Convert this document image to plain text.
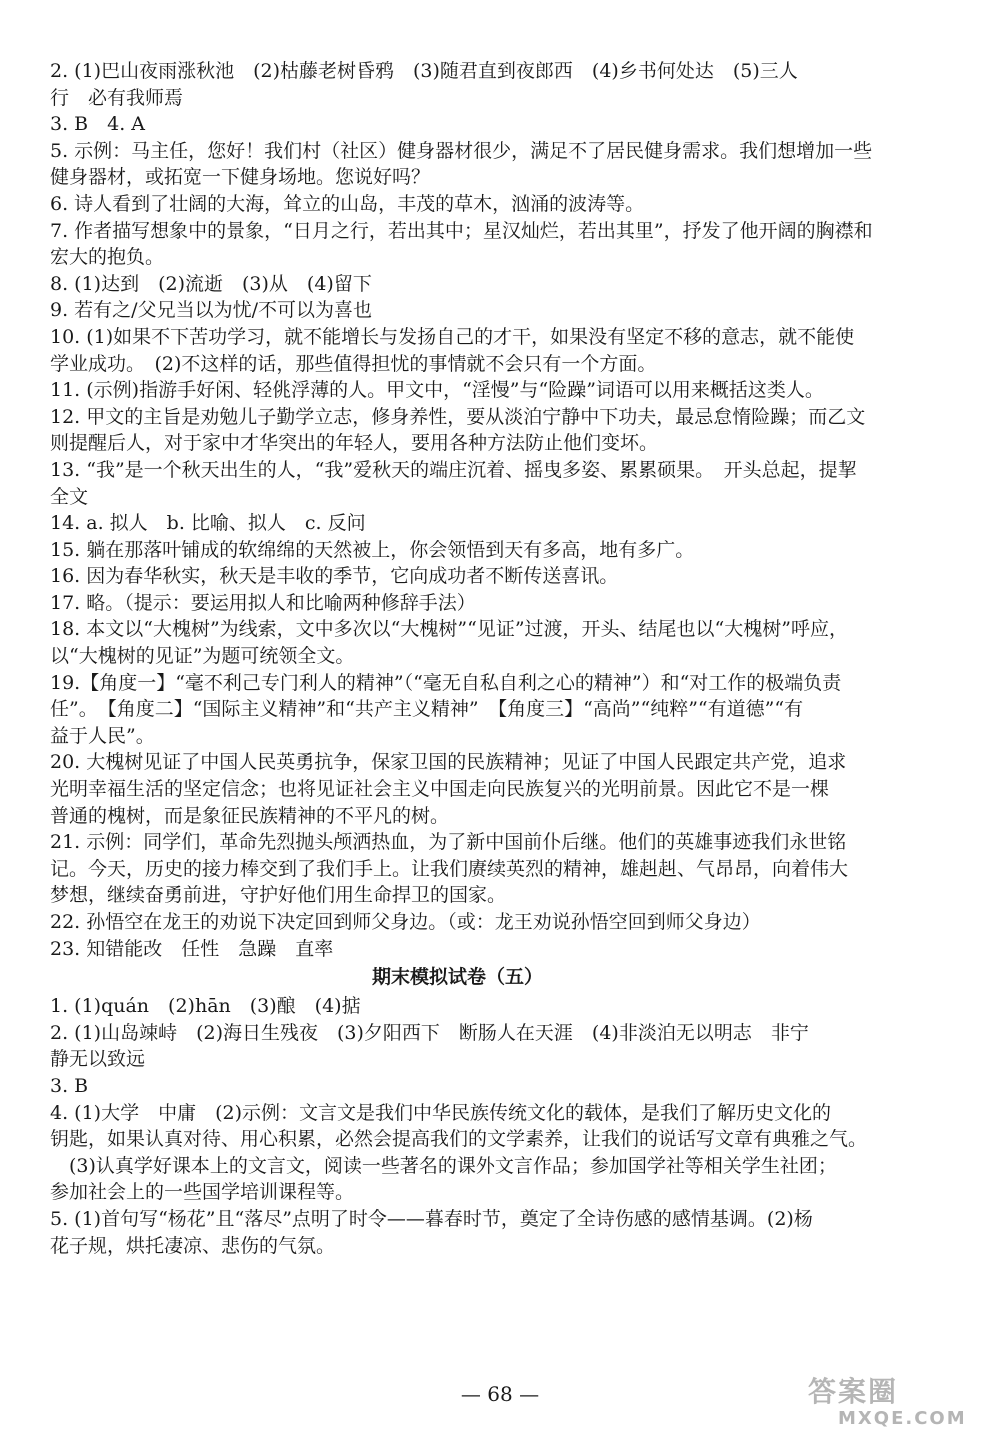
2. (1)巴山夜雨涨秋池　(2)枯藤老树昏鸦　(3)随君直到夜郎西　(4)乡书何处达　(5)三人
行　必有我师焉
3. B　4. A
5. 示例：马主任，您好！我们村（社区）健身器材很少，满足不了居民健身需求。我们想增加一些
健身器材，或拓宽一下健身场地。您说好吗？
6. 诗人看到了壮阔的大海，耸立的山岛，丰茂的草木，汹涌的波涛等。
7. 作者描写想象中的景象，“日月之行，若出其中；星汉灿烂，若出其里”，抒发了他开阔的胸襟和
宏大的抱负。
8. (1)达到　(2)流逝　(3)从　(4)留下
9. 若有之/父兄当以为忧/不可以为喜也
10. (1)如果不下苦功学习，就不能增长与发扬自己的才干，如果没有坚定不移的意志，就不能使
学业成功。　(2)不这样的话，那些值得担忧的事情就不会只有一个方面。
11. (示例)指游手好闲、轻佻浮薄的人。甲文中，“淫慢”与“险躁”词语可以用来概括这类人。
12. 甲文的主旨是劝勉儿子勤学立志，修身养性，要从淡泊宁静中下功夫，最忌怠惰险躁；而乙文
则提醒后人，对于家中才华突出的年轻人，要用各种方法防止他们变坏。
13. “我”是一个秋天出生的人，“我”爱秋天的端庄沉着、摇曳多姿、累累硕果。　开头总起，提挈
全文
14. a. 拟人　b. 比喻、拟人　c. 反问
15. 躺在那落叶铺成的软绵绵的天然被上，你会领悟到天有多高，地有多广。
16. 因为春华秋实，秋天是丰收的季节，它向成功者不断传送喜讯。
17. 略。（提示：要运用拟人和比喻两种修辞手法）
18. 本文以“大槐树”为线索，文中多次以“大槐树”“见证”过渡，开头、结尾也以“大槐树”呼应，
以“大槐树的见证”为题可统领全文。
19.【角度一】“毫不利己专门利人的精神”（“毫无自私自利之心的精神”）和“对工作的极端负责
任”。　【角度二】“国际主义精神”和“共产主义精神”　【角度三】“高尚”“纯粹”“有道德”“有
益于人民”。
20. 大槐树见证了中国人民英勇抗争，保家卫国的民族精神；见证了中国人民跟定共产党，追求
光明幸福生活的坚定信念；也将见证社会主义中国走向民族复兴的光明前景。因此它不是一棵
普通的槐树，而是象征民族精神的不平凡的树。
21. 示例：同学们，革命先烈抛头颅洒热血，为了新中国前仆后继。他们的英雄事迹我们永世铭
记。今天，历史的接力棒交到了我们手上。让我们赓续英烈的精神，雄赳赳、气昂昂，向着伟大
梦想，继续奋勇前进，守护好他们用生命捍卫的国家。
22. 孙悟空在龙王的劝说下决定回到师父身边。（或：龙王劝说孙悟空回到师父身边）
23. 知错能改　任性　急躁　直率
期末模拟试卷（五）
1. (1)quán　(2)hān　(3)酿　(4)掂
2. (1)山岛竦峙　(2)海日生残夜　(3)夕阳西下　断肠人在天涯　(4)非淡泊无以明志　非宁
静无以致远
3. B
4. (1)大学　中庸　(2)示例：文言文是我们中华民族传统文化的载体，是我们了解历史文化的
钥匙，如果认真对待、用心积累，必然会提高我们的文学素养，让我们的说话写文章有典雅之气。
　(3)认真学好课本上的文言文，阅读一些著名的课外文言作品；参加国学社等相关学生社团；
参加社会上的一些国学培训课程等。
5. (1)首句写“杨花”且“落尽”点明了时令——暮春时节，奠定了全诗伤感的感情基调。(2)杨
花子规，烘托凄凉、悲伤的气氛。
— 68 —	答案圈
MXQE.COM
